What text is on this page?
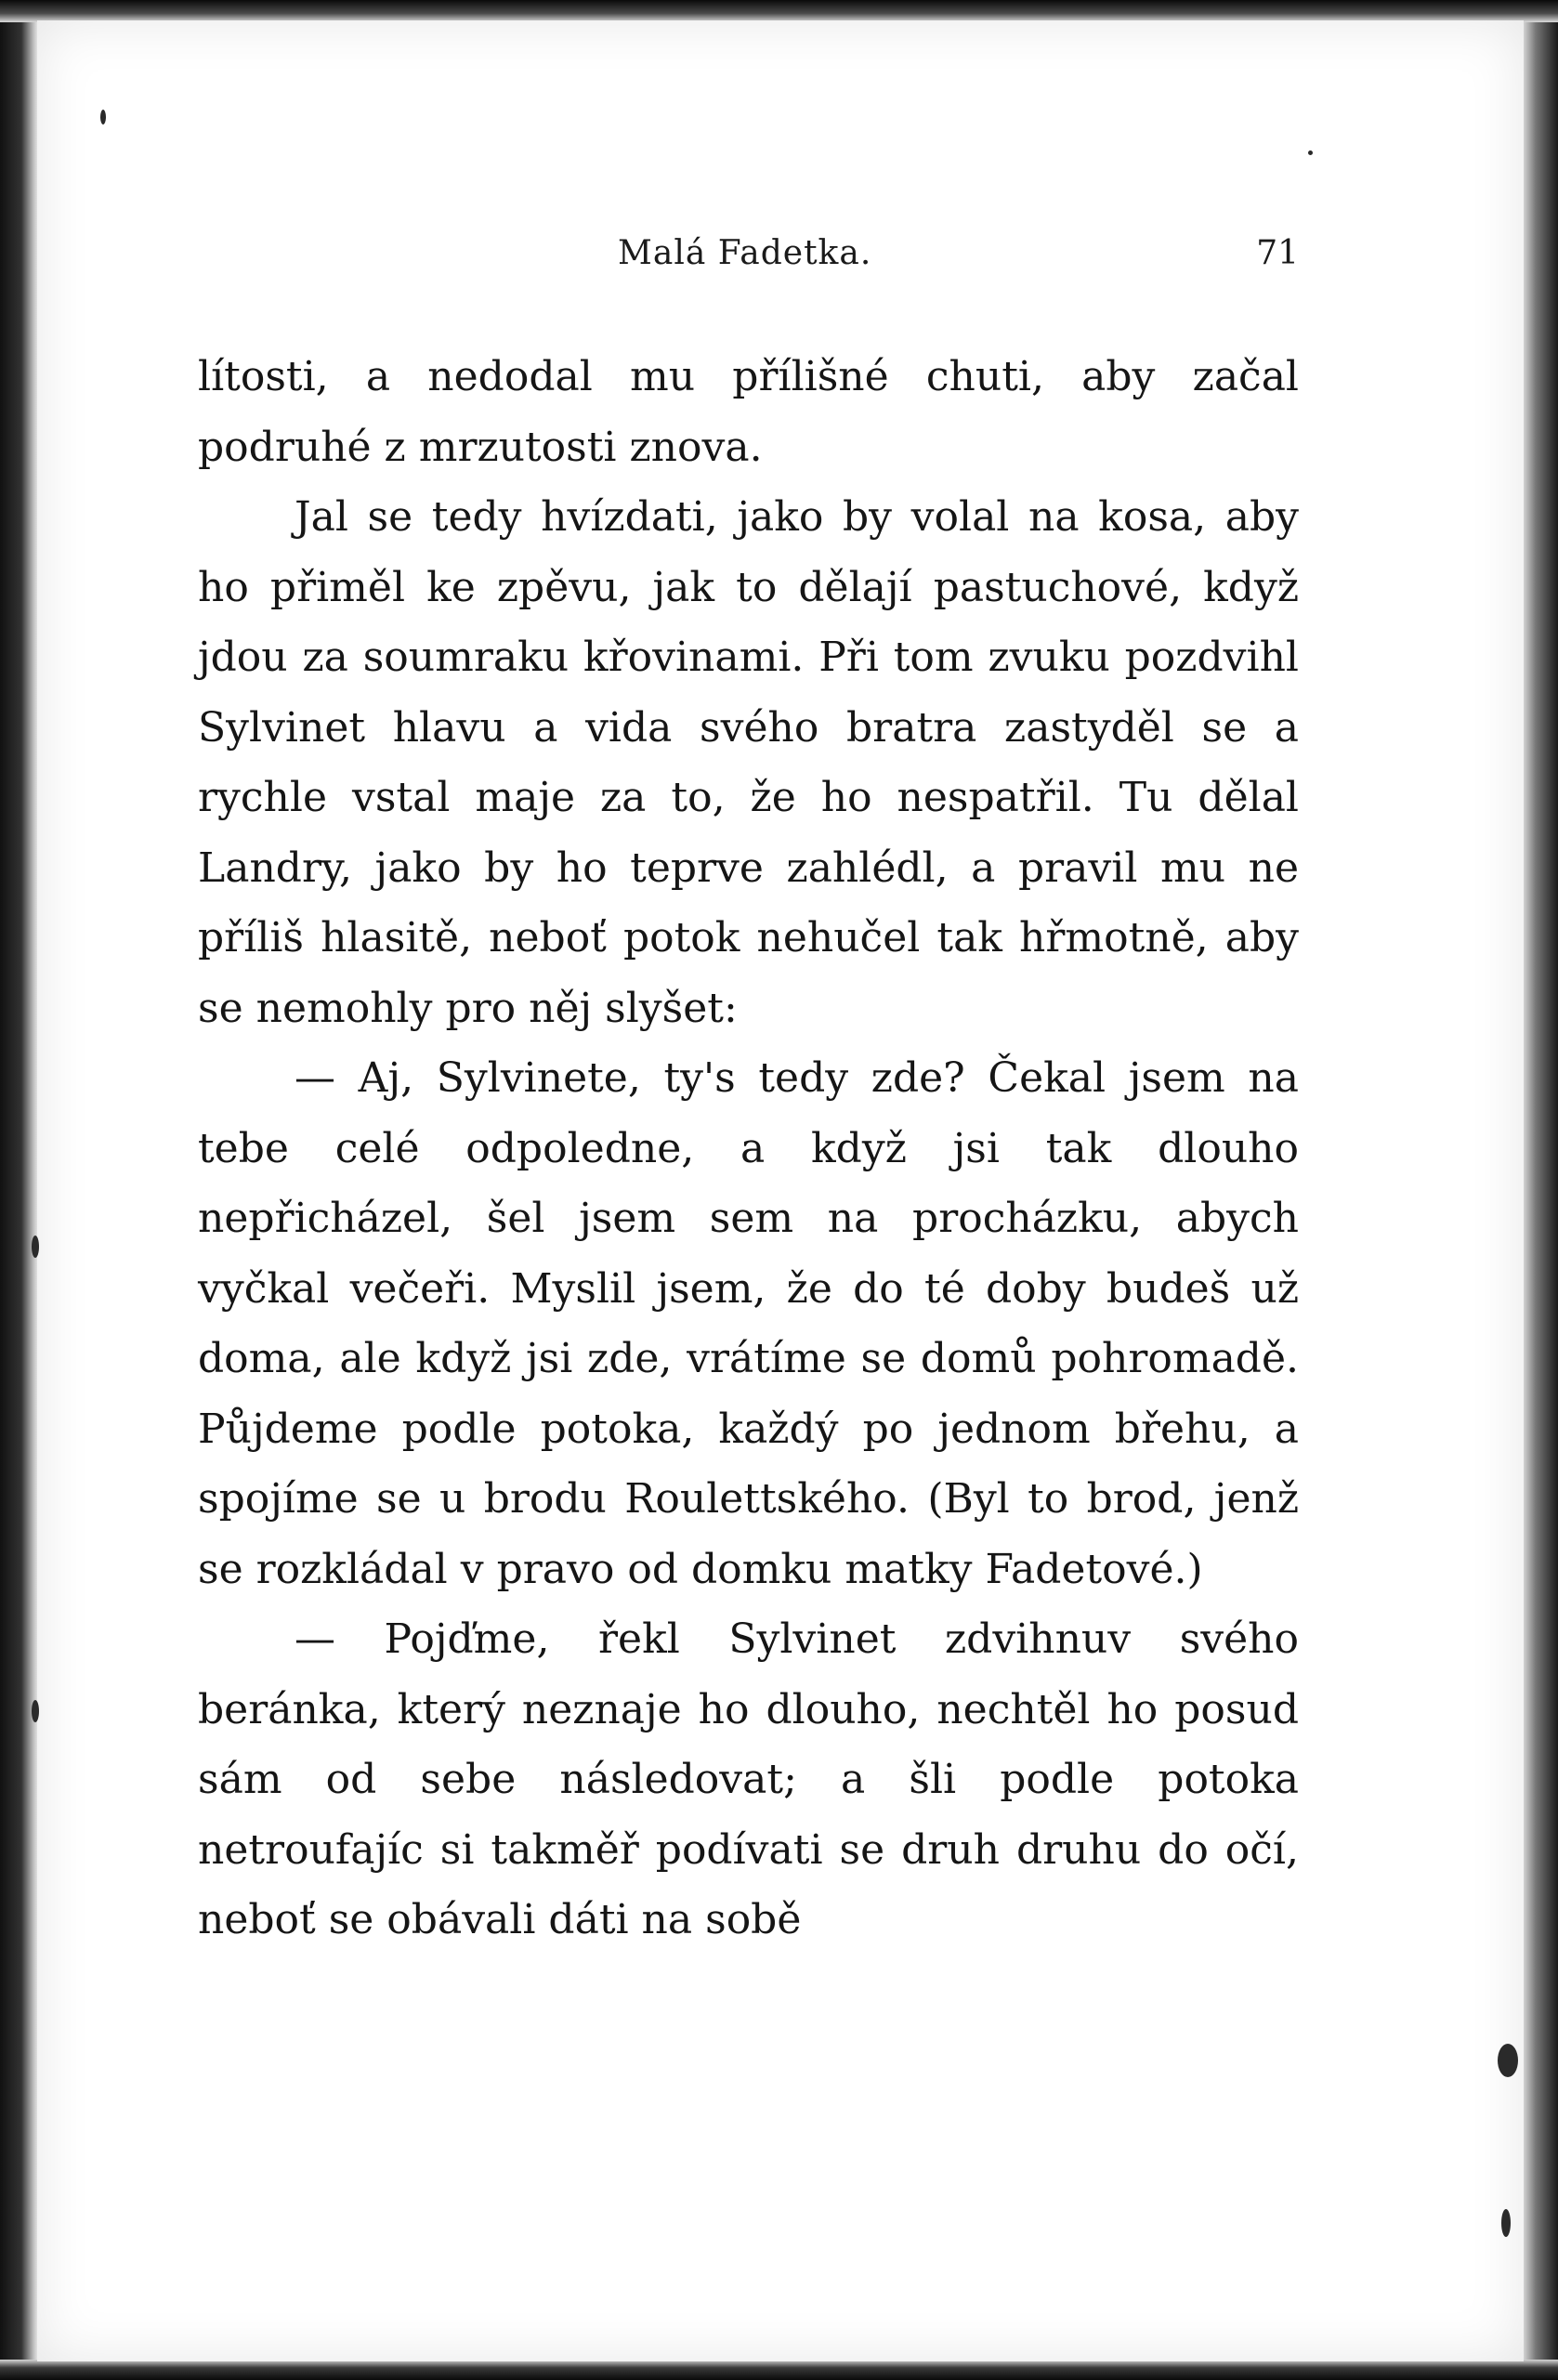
Malá Fadetka.	71

lítosti, a nedodal mu přílišné chuti, aby začal podruhé z mrzutosti znova.

Jal se tedy hvízdati, jako by volal na kosa, aby ho přiměl ke zpěvu, jak to dělají pastuchové, když jdou za soumraku křovinami. Při tom zvuku pozdvihl Sylvinet hlavu a vida svého bratra zastyděl se a rychle vstal maje za to, že ho nespatřil. Tu dělal Landry, jako by ho teprve zahlédl, a pravil mu ne příliš hlasitě, neboť potok nehučel tak hřmotně, aby se nemohly pro něj slyšet:

— Aj, Sylvinete, ty's tedy zde? Čekal jsem na tebe celé odpoledne, a když jsi tak dlouho nepřicházel, šel jsem sem na procházku, abych vyčkal večeři. Myslil jsem, že do té doby budeš už doma, ale když jsi zde, vrátíme se domů pohromadě. Půjdeme podle potoka, každý po jednom břehu, a spojíme se u brodu Roulettského. (Byl to brod, jenž se rozkládal v pravo od domku matky Fadetové.)

— Pojďme, řekl Sylvinet zdvihnuv svého beránka, který neznaje ho dlouho, nechtěl ho posud sám od sebe následovat; a šli podle potoka netroufajíc si takměř podívati se druh druhu do očí, neboť se obávali dáti na sobě
